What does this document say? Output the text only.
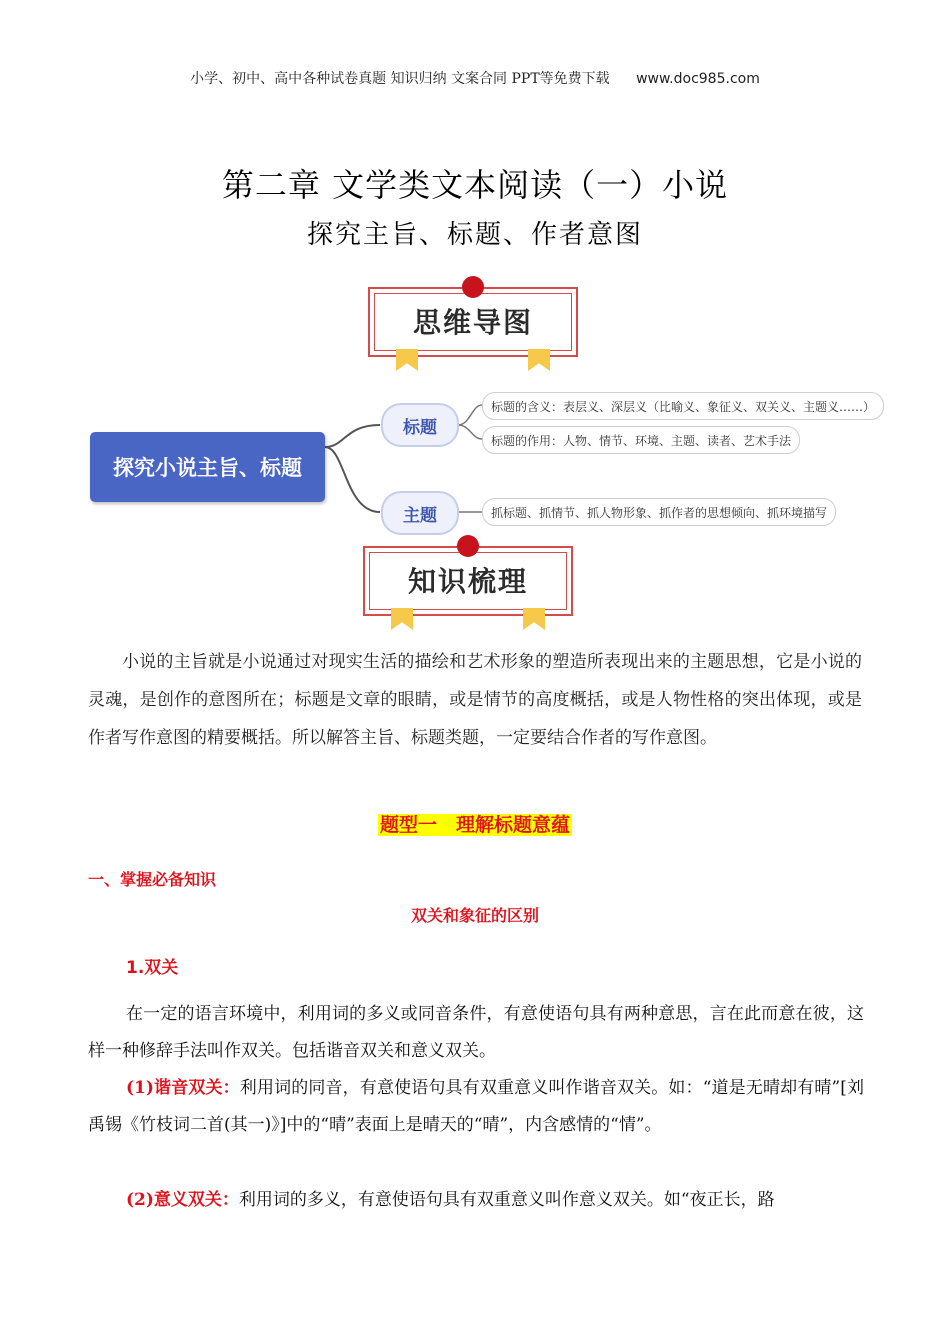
小学、初中、高中各种试卷真题 知识归纳 文案合同 PPT等免费下载 www.doc985.com
第二章 文学类文本阅读（一）小说
探究主旨、标题、作者意图
思维导图
探究小说主旨、标题
标题
主题
标题的含义：表层义、深层义（比喻义、象征义、双关义、主题义……）
标题的作用：人物、情节、环境、主题、读者、艺术手法
抓标题、抓情节、抓人物形象、抓作者的思想倾向、抓环境描写
知识梳理
小说的主旨就是小说通过对现实生活的描绘和艺术形象的塑造所表现出来的主题思想，它是小说的灵魂，是创作的意图所在；标题是文章的眼睛，或是情节的高度概括，或是人物性格的突出体现，或是作者写作意图的精要概括。所以解答主旨、标题类题，一定要结合作者的写作意图。
题型一　理解标题意蕴
一、掌握必备知识
双关和象征的区别
1.双关
在一定的语言环境中，利用词的多义或同音条件，有意使语句具有两种意思，言在此而意在彼，这样一种修辞手法叫作双关。包括谐音双关和意义双关。
(1)谐音双关：利用词的同音，有意使语句具有双重意义叫作谐音双关。如：“道是无晴却有晴”[刘禹锡《竹枝词二首(其一)》]中的“晴”表面上是晴天的“晴”，内含感情的“情”。
(2)意义双关：利用词的多义，有意使语句具有双重意义叫作意义双关。如“夜正长，路
